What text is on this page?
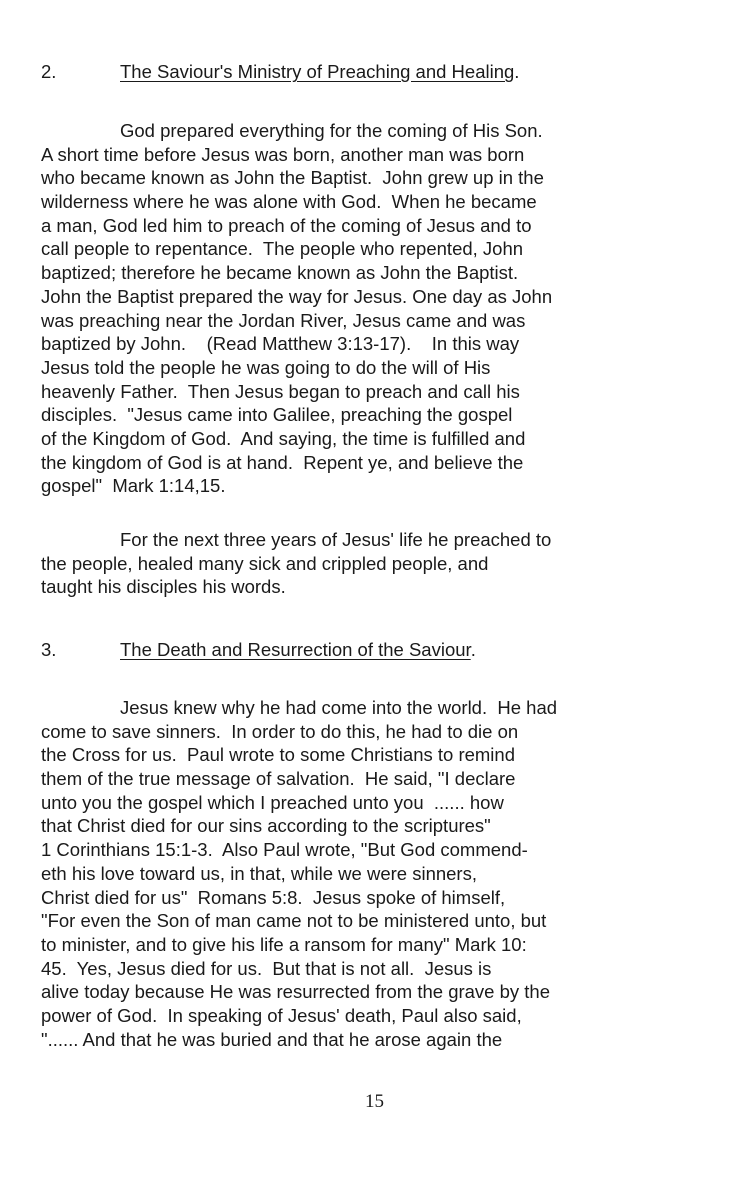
2.	The Saviour's Ministry of Preaching and Healing.
God prepared everything for the coming of His Son.
A short time before Jesus was born, another man was born
who became known as John the Baptist.  John grew up in the
wilderness where he was alone with God.  When he became
a man, God led him to preach of the coming of Jesus and to
call people to repentance.  The people who repented, John
baptized; therefore he became known as John the Baptist.
John the Baptist prepared the way for Jesus. One day as John
was preaching near the Jordan River, Jesus came and was
baptized by John.    (Read Matthew 3:13-17).    In this way
Jesus told the people he was going to do the will of His
heavenly Father.  Then Jesus began to preach and call his
disciples.  "Jesus came into Galilee, preaching the gospel
of the Kingdom of God.  And saying, the time is fulfilled and
the kingdom of God is at hand.  Repent ye, and believe the
gospel"  Mark 1:14,15.
For the next three years of Jesus' life he preached to
the people, healed many sick and crippled people, and
taught his disciples his words.
3.	The Death and Resurrection of the Saviour.
Jesus knew why he had come into the world.  He had
come to save sinners.  In order to do this, he had to die on
the Cross for us.  Paul wrote to some Christians to remind
them of the true message of salvation.  He said, "I declare
unto you the gospel which I preached unto you  ...... how
that Christ died for our sins according to the scriptures"
1 Corinthians 15:1-3.  Also Paul wrote, "But God commend-
eth his love toward us, in that, while we were sinners,
Christ died for us"  Romans 5:8.  Jesus spoke of himself,
"For even the Son of man came not to be ministered unto, but
to minister, and to give his life a ransom for many" Mark 10:
45.  Yes, Jesus died for us.  But that is not all.  Jesus is
alive today because He was resurrected from the grave by the
power of God.  In speaking of Jesus' death, Paul also said,
"...... And that he was buried and that he arose again the
15
